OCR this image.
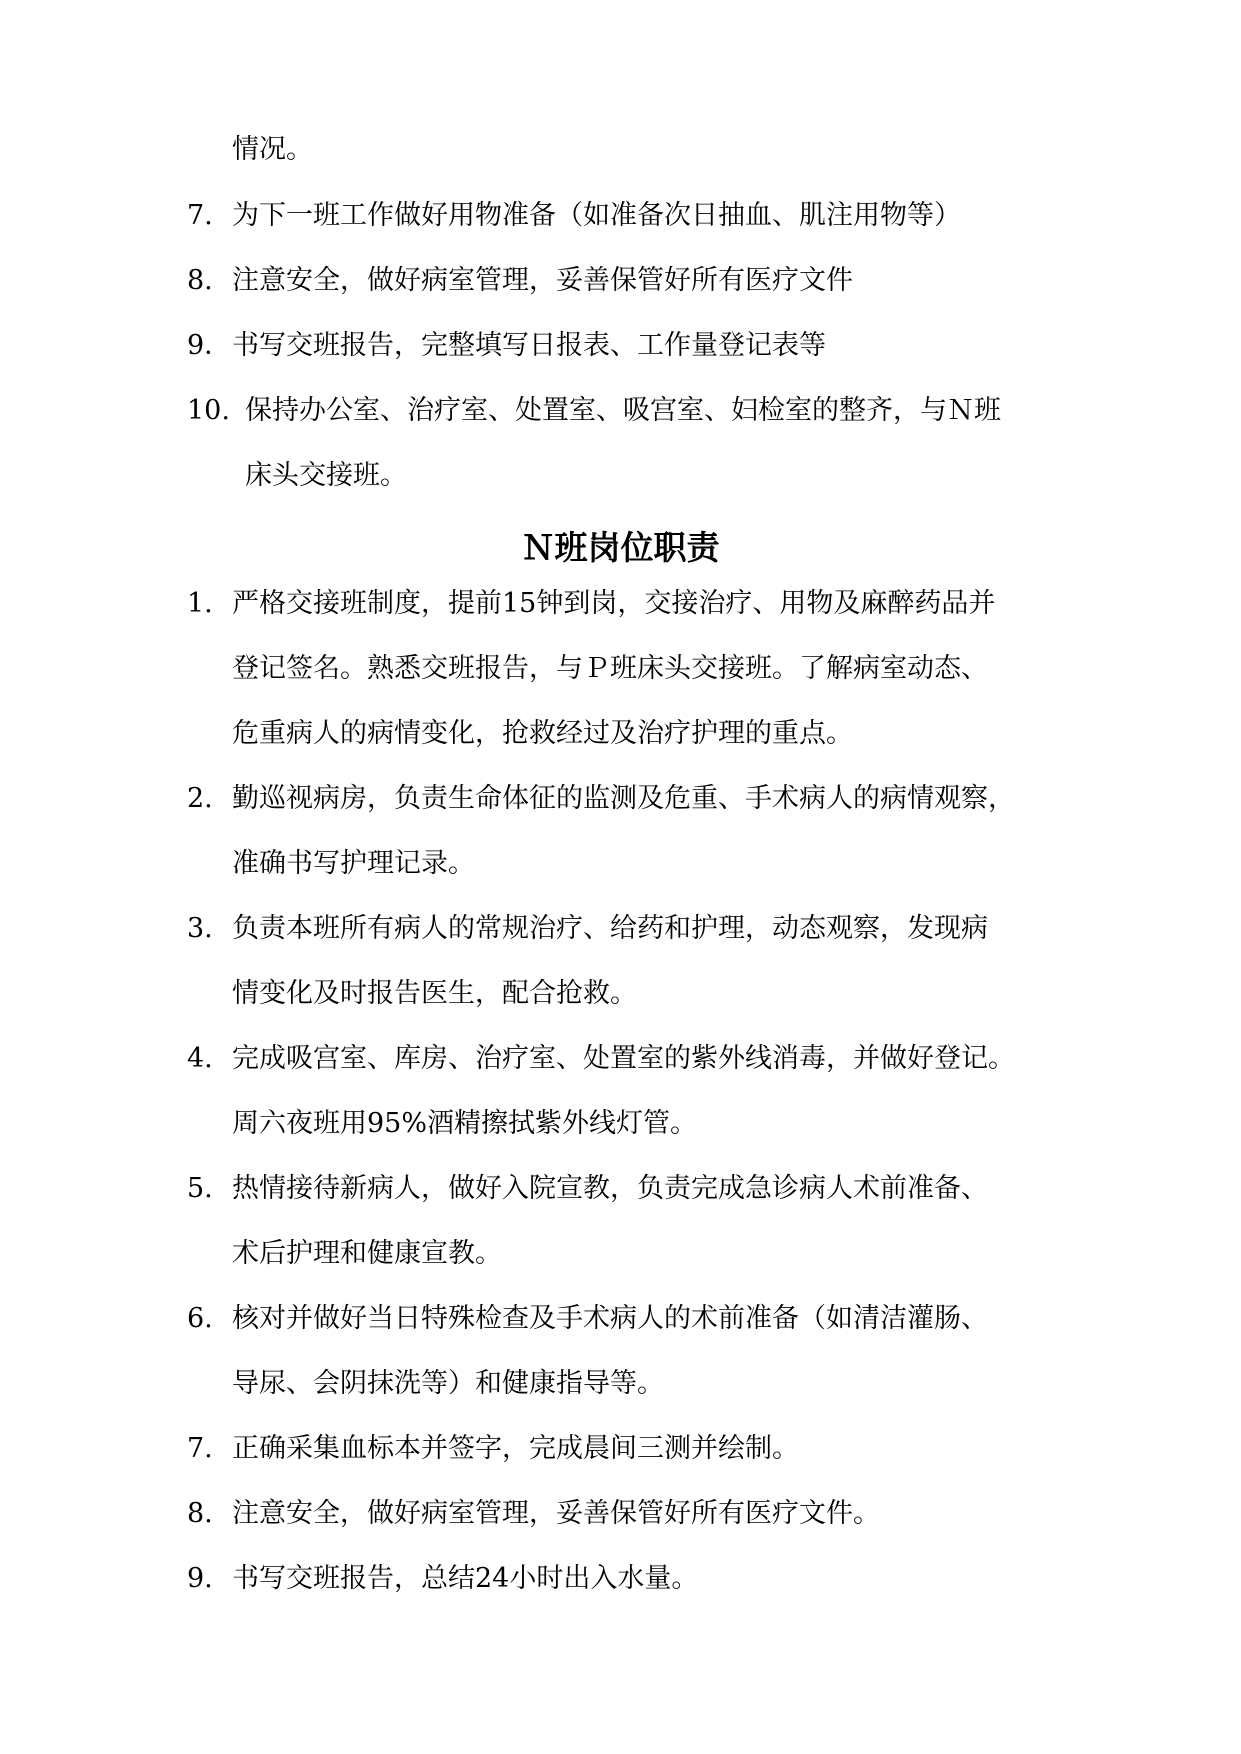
情况。
7. 为下一班工作做好用物准备（如准备次日抽血、肌注用物等）
8. 注意安全，做好病室管理，妥善保管好所有医疗文件
9． 书写交班报告，完整填写日报表、工作量登记表等
10. 保持办公室、治疗室、处置室、吸宫室、妇检室的整齐，与Ｎ班
床头交接班。
Ｎ班岗位职责
1. 严格交接班制度，提前15钟到岗，交接治疗、用物及麻醉药品并
登记签名。熟悉交班报告，与Ｐ班床头交接班。了解病室动态、
危重病人的病情变化，抢救经过及治疗护理的重点。
2. 勤巡视病房，负责生命体征的监测及危重、手术病人的病情观察，
准确书写护理记录。
3. 负责本班所有病人的常规治疗、给药和护理，动态观察，发现病
情变化及时报告医生，配合抢救。
4. 完成吸宫室、库房、治疗室、处置室的紫外线消毒，并做好登记。
周六夜班用95%酒精擦拭紫外线灯管。
5. 热情接待新病人，做好入院宣教，负责完成急诊病人术前准备、
术后护理和健康宣教。
6. 核对并做好当日特殊检查及手术病人的术前准备（如清洁灌肠、
导尿、会阴抹洗等）和健康指导等。
7. 正确采集血标本并签字，完成晨间三测并绘制。
8. 注意安全，做好病室管理，妥善保管好所有医疗文件。
9. 书写交班报告，总结24小时出入水量。
